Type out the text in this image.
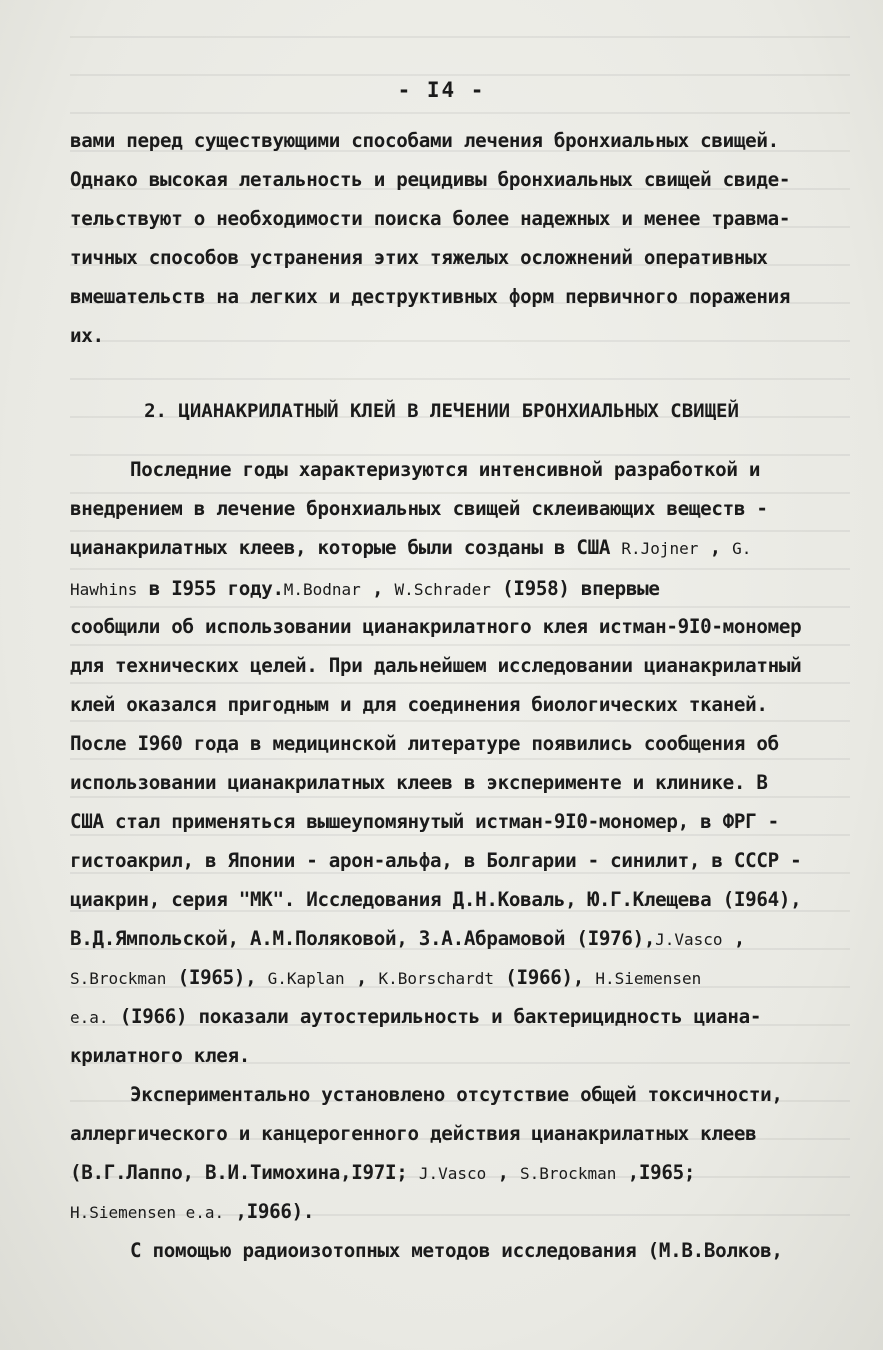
- I4 -
вами перед существующими способами лечения бронхиальных свищей.
Однако высокая летальность и рецидивы бронхиальных свищей свиде-
тельствуют о необходимости поиска более надежных и менее травма-
тичных способов устранения этих тяжелых осложнений оперативных
вмешательств на легких и деструктивных форм первичного поражения
их.
2. ЦИАНАКРИЛАТНЫЙ КЛЕЙ В ЛЕЧЕНИИ БРОНХИАЛЬНЫХ СВИЩЕЙ
Последние годы характеризуются интенсивной разработкой и
внедрением в лечение бронхиальных свищей склеивающих веществ -
цианакрилатных клеев, которые были созданы в США R.Jojner , G.
Hawhins в I955 году.M.Bodnar , W.Schrader (I958) впервые
сообщили об использовании цианакрилатного клея истман-9I0-мономер
для технических целей. При дальнейшем исследовании цианакрилатный
клей оказался пригодным и для соединения биологических тканей.
После I960 года в медицинской литературе появились сообщения об
использовании цианакрилатных клеев в эксперименте и клинике. В
США стал применяться вышеупомянутый истман-9I0-мономер, в ФРГ -
гистоакрил, в Японии - арон-альфа, в Болгарии - синилит, в СССР -
циакрин, серия "МК". Исследования Д.Н.Коваль, Ю.Г.Клещева (I964),
В.Д.Ямпольской, А.М.Поляковой, З.А.Абрамовой (I976),J.Vasco ,
S.Brockman (I965), G.Kaplan , K.Borschardt (I966), H.Siemensen
e.a. (I966) показали аутостерильность и бактерицидность циана-
крилатного клея.
Экспериментально установлено отсутствие общей токсичности,
аллергического и канцерогенного действия цианакрилатных клеев
(В.Г.Лаппо, В.И.Тимохина,I97I; J.Vasco , S.Brockman ,I965;
H.Siemensen e.a. ,I966).
С помощью радиоизотопных методов исследования (М.В.Волков,
